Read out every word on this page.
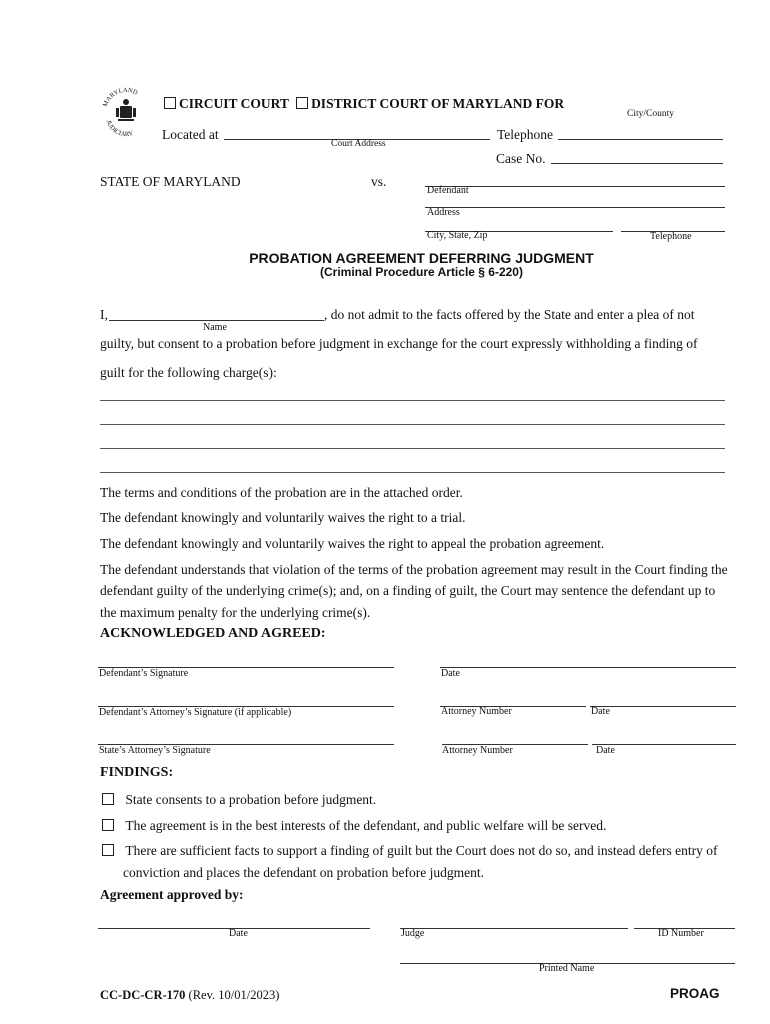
MARYLAND
JUDICIARY
CIRCUIT COURT DISTRICT COURT OF MARYLAND FOR
City/County
Located at
Court Address
Telephone
Case No.
STATE OF MARYLAND	vs.
Defendant
Address
City, State, Zip	Telephone
PROBATION AGREEMENT DEFERRING JUDGMENT
(Criminal Procedure Article § 6-220)
I,	, do not admit to the facts offered by the State and enter a plea of not
Name
guilty, but consent to a probation before judgment in exchange for the court expressly withholding a finding of
guilt for the following charge(s):
The terms and conditions of the probation are in the attached order.
The defendant knowingly and voluntarily waives the right to a trial.
The defendant knowingly and voluntarily waives the right to appeal the probation agreement.
The defendant understands that violation of the terms of the probation agreement may result in the Court finding the
defendant guilty of the underlying crime(s); and, on a finding of guilt, the Court may sentence the defendant up to
the maximum penalty for the underlying crime(s).
ACKNOWLEDGED AND AGREED:
Defendant’s Signature	Date
Defendant’s Attorney’s Signature (if applicable)	Attorney Number	Date
State’s Attorney’s Signature	Attorney Number	Date
FINDINGS:
State consents to a probation before judgment.
The agreement is in the best interests of the defendant, and public welfare will be served.
There are sufficient facts to support a finding of guilt but the Court does not do so, and instead defers entry of
conviction and places the defendant on probation before judgment.
Agreement approved by:
Date	Judge	ID Number
Printed Name
CC-DC-CR-170 (Rev. 10/01/2023)	PROAG
